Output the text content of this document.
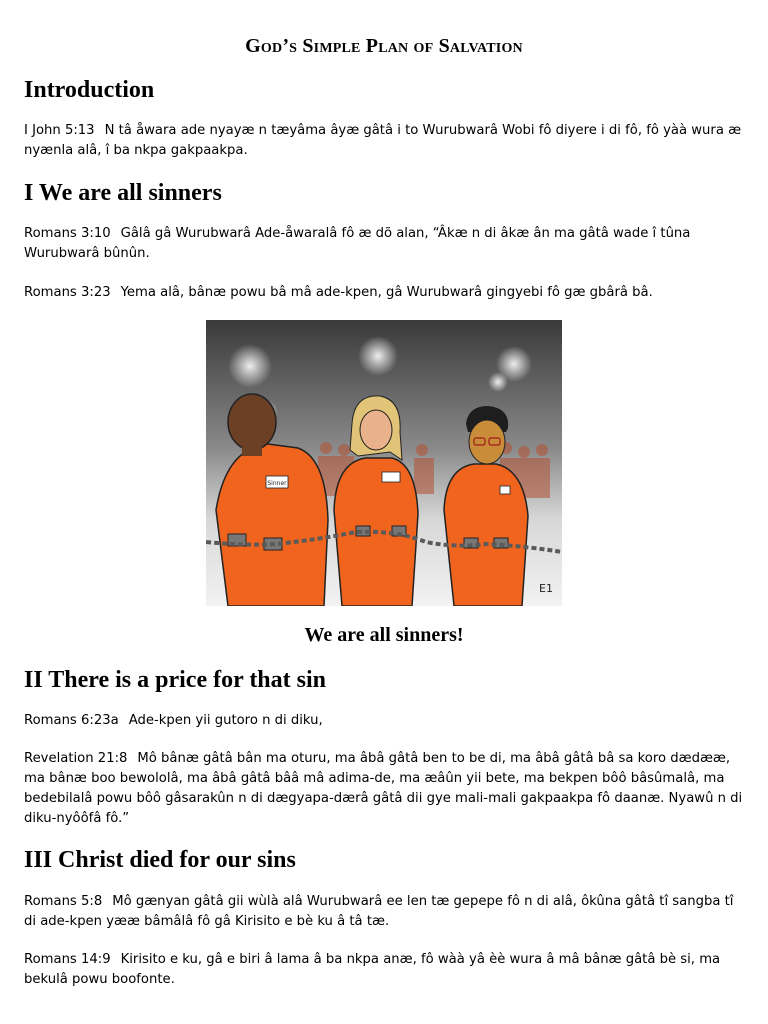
God’s Simple Plan of Salvation
Introduction

I John 5:13 N tâ åwara ade nyayæ n tæyâma âyæ gâtâ i to Wurubwarâ Wobi fô diyere i di fô, fô yàà wura æ nyænla alâ, î ba nkpa gakpaakpa.

I We are all sinners

Romans 3:10 Gâlâ gâ Wurubwarâ Ade-åwaralâ fô æ dõ alan, “Âkæ n di âkæ ân ma gâtâ wade î tûna Wurubwarâ bûnûn.

Romans 3:23 Yema alâ, bânæ powu bâ mâ ade-kpen, gâ Wurubwarâ gingyebi fô gæ gbârâ bâ.

Sinner
E1
We are all sinners!
II There is a price for that sin

Romans 6:23a Ade-kpen yii gutoro n di diku,

Revelation 21:8 Mô bânæ gâtâ bân ma oturu, ma âbâ gâtâ ben to be di, ma âbâ gâtâ bâ sa koro dædææ, ma bânæ boo bewololâ, ma âbâ gâtâ bââ mâ adima-de, ma æâûn yii bete, ma bekpen bôô bâsûmalâ, ma bedebilalâ powu bôô gâsarakûn n di dægyapa-dærâ gâtâ dii gye mali-mali gakpaakpa fô daanæ. Nyawû n di diku-nyôôfâ fô.”

III Christ died for our sins

Romans 5:8 Mô gænyan gâtâ gii wùlà alâ Wurubwarâ ee len tæ gepepe fô n di alâ, ôkûna gâtâ tî sangba tî di ade-kpen yææ bâmâlâ fô gâ Kirisito e bè ku â tâ tæ.

Romans 14:9 Kirisito e ku, gâ e biri â lama â ba nkpa anæ, fô wàà yâ èè wura â mâ bânæ gâtâ bè si, ma bekulâ powu boofonte.
